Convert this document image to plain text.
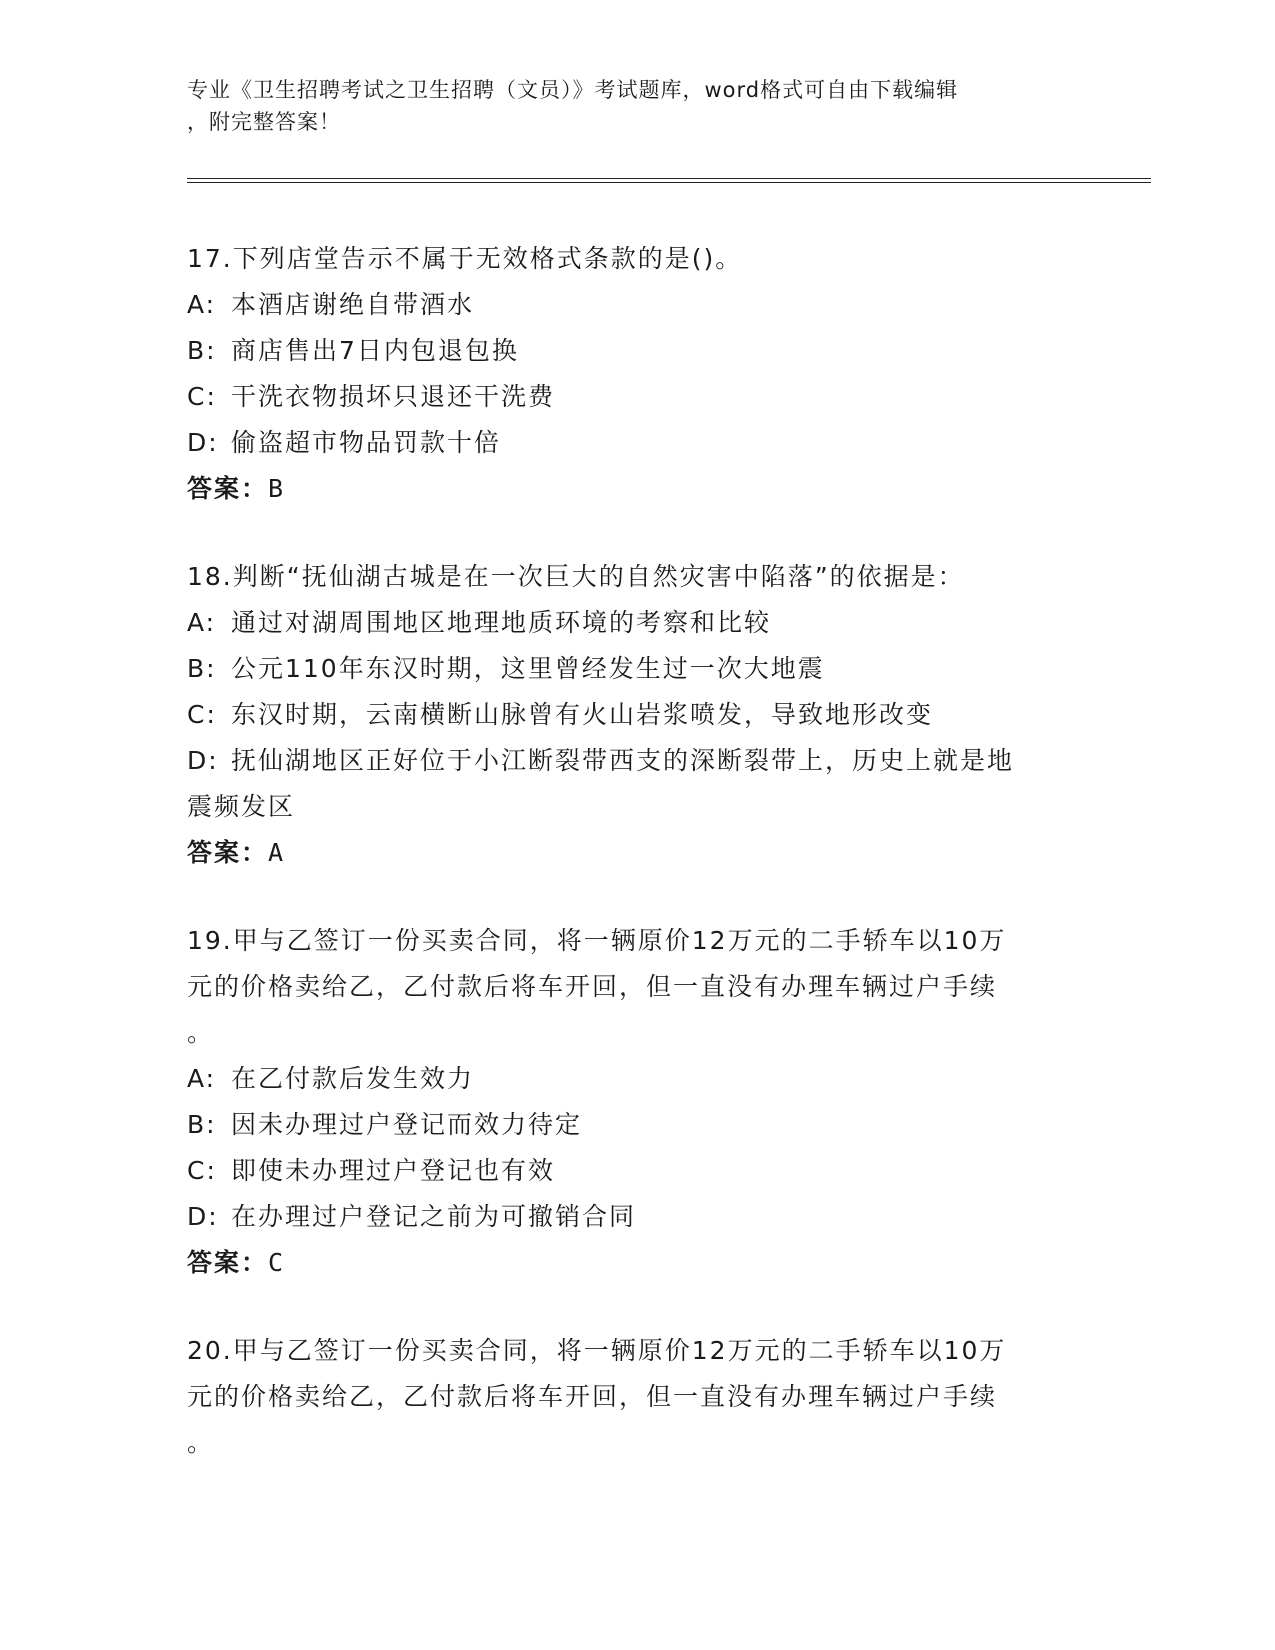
专业《卫生招聘考试之卫生招聘（文员）》考试题库，word格式可自由下载编辑
，附完整答案！
17.下列店堂告示不属于无效格式条款的是()。
A: 本酒店谢绝自带酒水
B: 商店售出7日内包退包换
C: 干洗衣物损坏只退还干洗费
D: 偷盗超市物品罚款十倍
答案：B
18.判断“抚仙湖古城是在一次巨大的自然灾害中陷落”的依据是：
A: 通过对湖周围地区地理地质环境的考察和比较
B: 公元110年东汉时期，这里曾经发生过一次大地震
C: 东汉时期，云南横断山脉曾有火山岩浆喷发，导致地形改变
D: 抚仙湖地区正好位于小江断裂带西支的深断裂带上，历史上就是地
震频发区
答案：A
19.甲与乙签订一份买卖合同，将一辆原价12万元的二手轿车以10万
元的价格卖给乙，乙付款后将车开回，但一直没有办理车辆过户手续
。
A: 在乙付款后发生效力
B: 因未办理过户登记而效力待定
C: 即使未办理过户登记也有效
D: 在办理过户登记之前为可撤销合同
答案：C
20.甲与乙签订一份买卖合同，将一辆原价12万元的二手轿车以10万
元的价格卖给乙，乙付款后将车开回，但一直没有办理车辆过户手续
。
